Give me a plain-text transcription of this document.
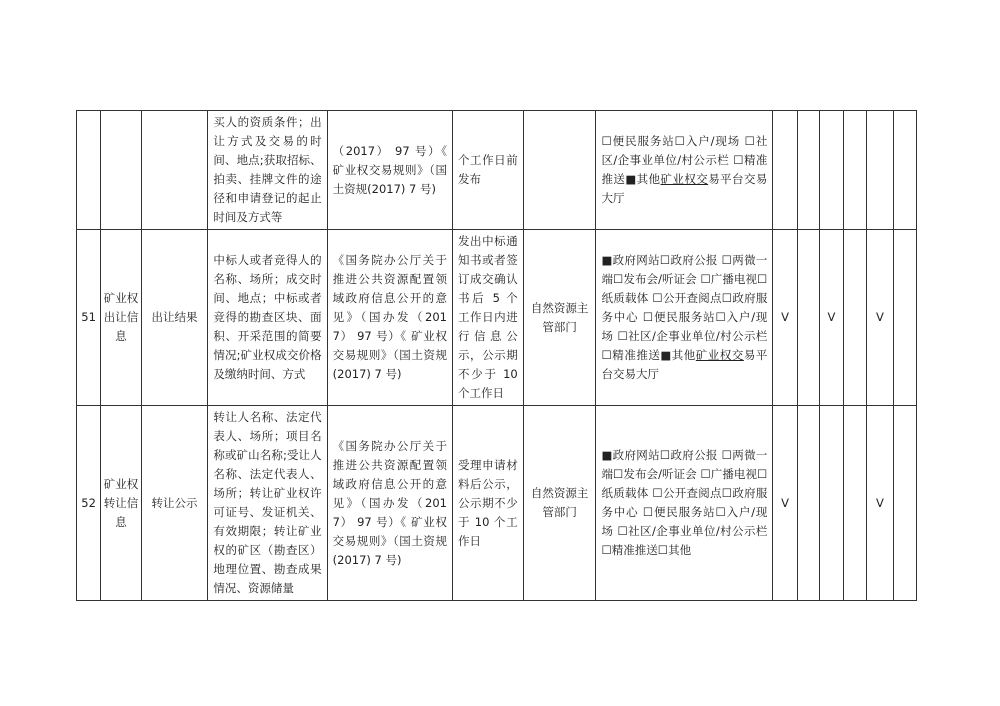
			买人的资质条件；出让方式及交易的时间、地点;获取招标、拍卖、挂牌文件的途径和申请登记的起止时间及方式等	（2017） 97 号）《 矿业权交易规则》（国土资规(2017) 7 号)	个工作日前发布		☐便民服务站☐入户/现场 ☐社区/企事业单位/村公示栏 ☐精准推送■其他矿业权交易平台交易大厅						
51	矿业权出让信息	出让结果	中标人或者竞得人的名称、场所；成交时间、地点；中标或者竞得的勘查区块、面积、开采范围的简要情况;矿业权成交价格及缴纳时间、方式	《国务院办公厅关于推进公共资源配置领域政府信息公开的意见》（国办发（2017） 97 号）《 矿业权交易规则》（国土资规(2017) 7 号)	发出中标通知书或者签订成交确认书后 5 个工作日内进行信息公示，公示期不少于 10 个工作日	自然资源主管部门	■政府网站☐政府公报 ☐两微一端☐发布会/听证会 ☐广播电视☐纸质载体 ☐公开查阅点☐政府服务中心 ☐便民服务站☐入户/现场 ☐社区/企事业单位/村公示栏 ☐精准推送■其他矿业权交易平台交易大厅	V		V		V	
52	矿业权转让信息	转让公示	转让人名称、法定代表人、场所；项目名称或矿山名称;受让人名称、法定代表人、场所；转让矿业权许可证号、发证机关、有效期限；转让矿业权的矿区（勘查区）地理位置、勘查成果情况、资源储量	《国务院办公厅关于推进公共资源配置领域政府信息公开的意见》（国办发（2017） 97 号）《 矿业权交易规则》（国土资规(2017) 7 号)	受理申请材料后公示，公示期不少于 10 个工作日	自然资源主管部门	■政府网站☐政府公报 ☐两微一端☐发布会/听证会 ☐广播电视☐纸质载体 ☐公开查阅点☐政府服务中心 ☐便民服务站☐入户/现场 ☐社区/企事业单位/村公示栏 ☐精准推送☐其他	V				V	
